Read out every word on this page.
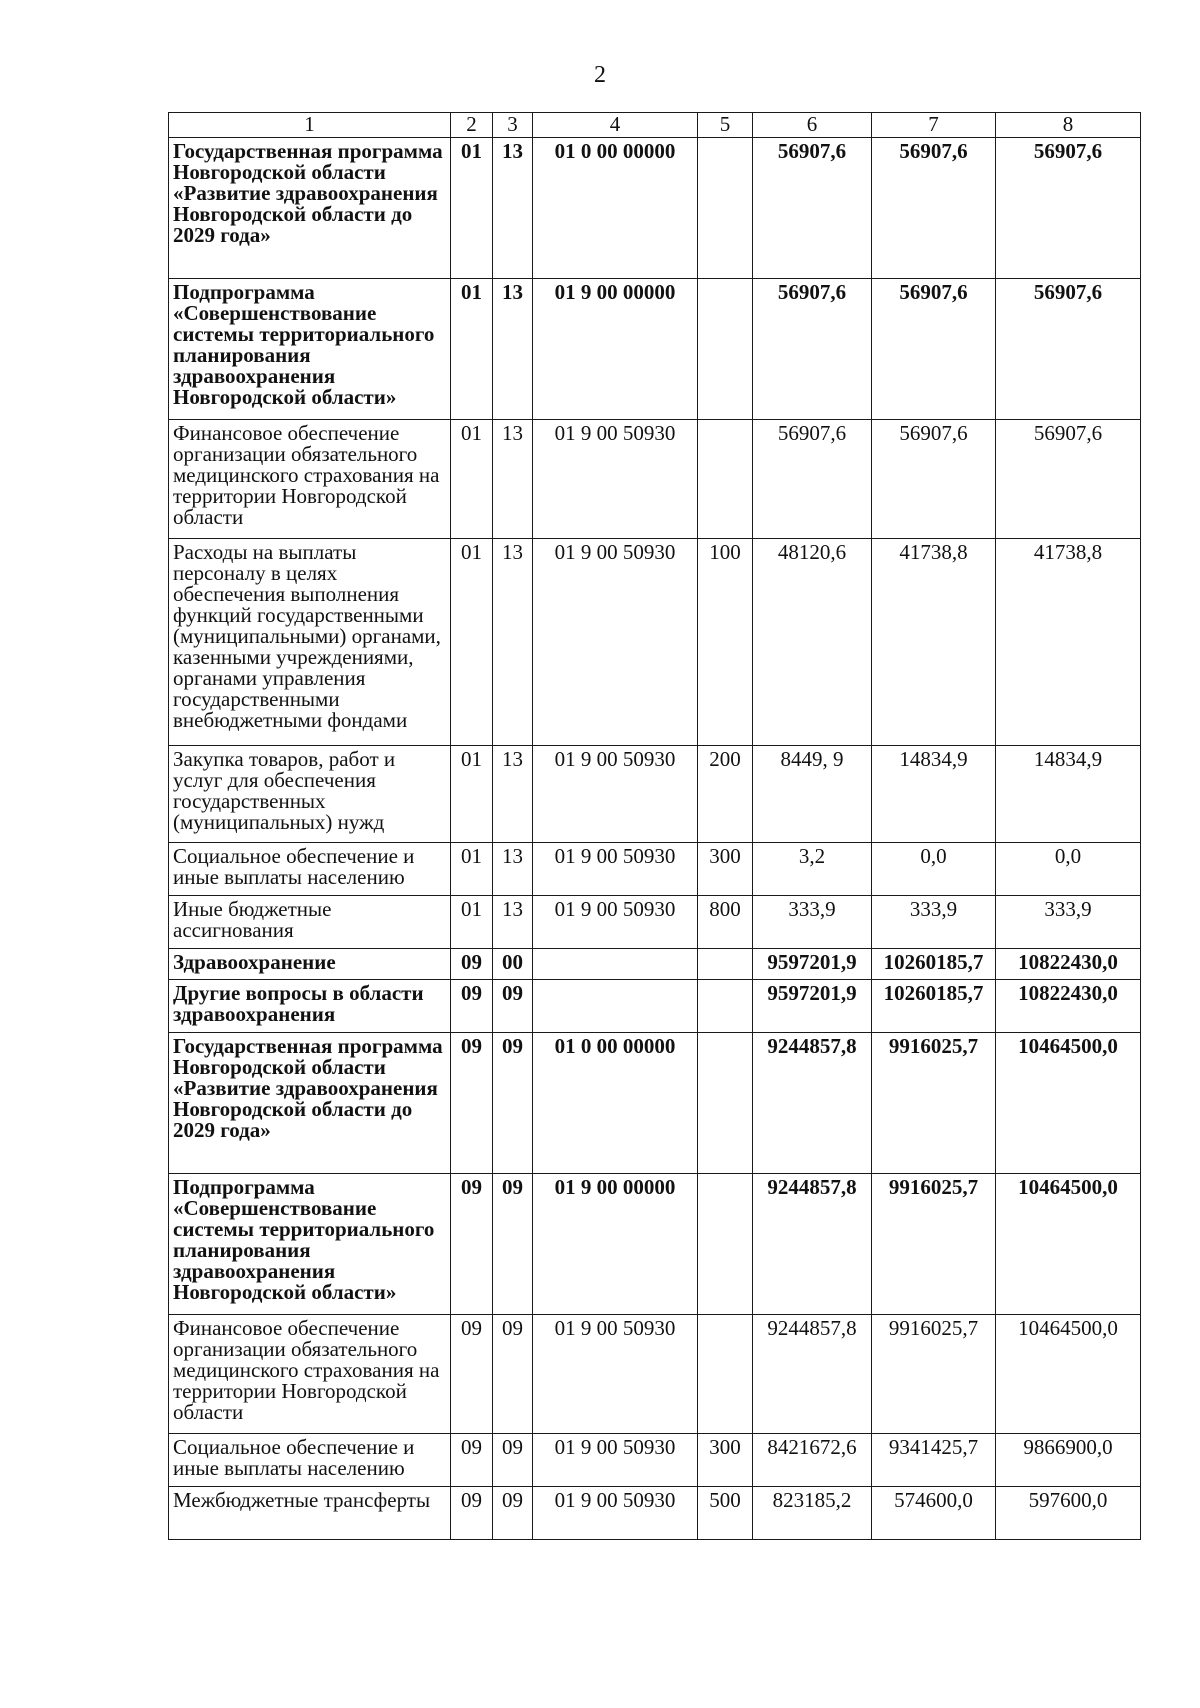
2
1	2	3	4	5	6	7	8
Государственная программа Новгородской области «Развитие здравоохранения Новгородской области до 2029 года»	01	13	01 0 00 00000		56907,6	56907,6	56907,6
Подпрограмма «Совершенствование системы территориального планирования здравоохранения Новгородской области»	01	13	01 9 00 00000		56907,6	56907,6	56907,6
Финансовое обеспечение организации обязательного медицинского страхования на территории Новгородской области	01	13	01 9 00 50930		56907,6	56907,6	56907,6
Расходы на выплаты персоналу в целях обеспечения выполнения функций государственными (муниципальными) органами, казенными учреждениями, органами управления государственными внебюджетными фондами	01	13	01 9 00 50930	100	48120,6	41738,8	41738,8
Закупка товаров, работ и услуг для обеспечения государственных (муниципальных) нужд	01	13	01 9 00 50930	200	8449, 9	14834,9	14834,9
Социальное обеспечение и иные выплаты населению	01	13	01 9 00 50930	300	3,2	0,0	0,0
Иные бюджетные ассигнования	01	13	01 9 00 50930	800	333,9	333,9	333,9
Здравоохранение	09	00			9597201,9	10260185,7	10822430,0
Другие вопросы в области здравоохранения	09	09			9597201,9	10260185,7	10822430,0
Государственная программа Новгородской области «Развитие здравоохранения Новгородской области до 2029 года»	09	09	01 0 00 00000		9244857,8	9916025,7	10464500,0
Подпрограмма «Совершенствование системы территориального планирования здравоохранения Новгородской области»	09	09	01 9 00 00000		9244857,8	9916025,7	10464500,0
Финансовое обеспечение организации обязательного медицинского страхования на территории Новгородской области	09	09	01 9 00 50930		9244857,8	9916025,7	10464500,0
Социальное обеспечение и иные выплаты населению	09	09	01 9 00 50930	300	8421672,6	9341425,7	9866900,0
Межбюджетные трансферты	09	09	01 9 00 50930	500	823185,2	574600,0	597600,0
